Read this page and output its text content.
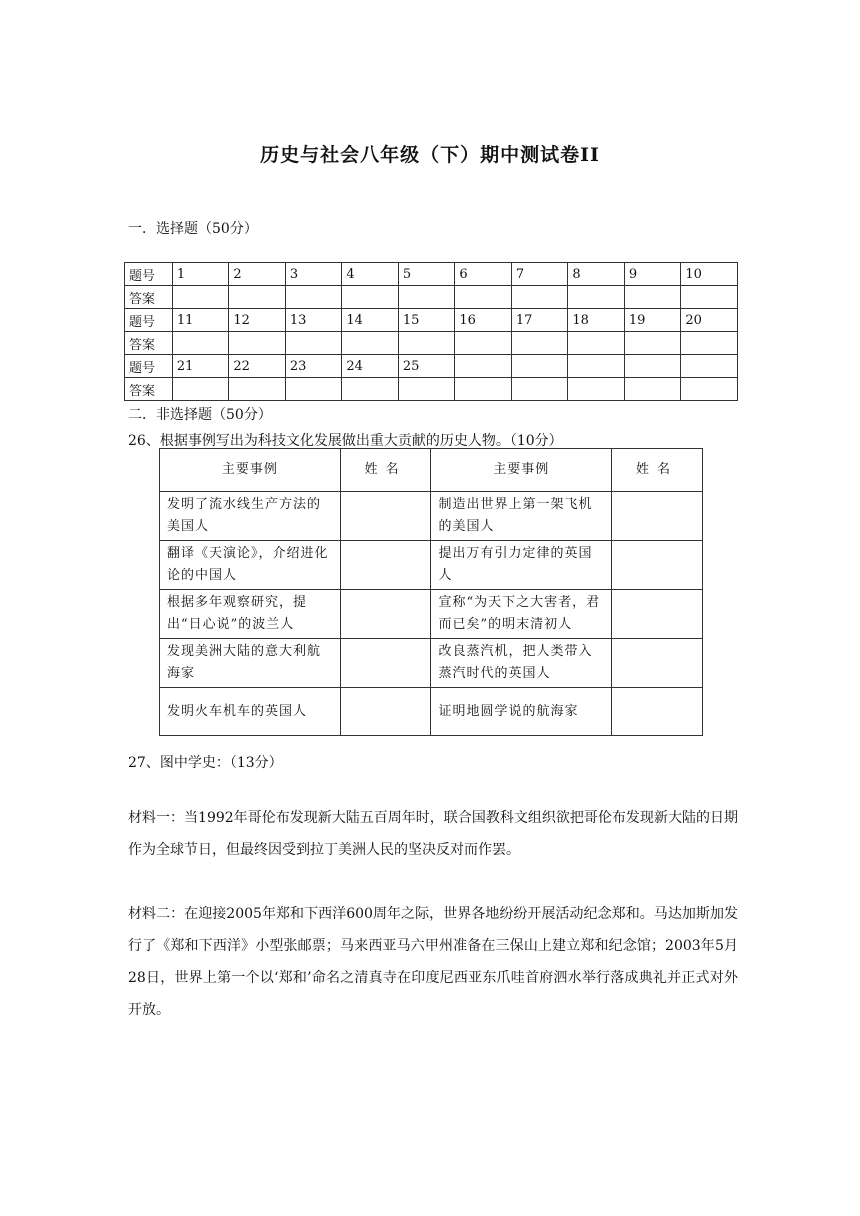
历史与社会八年级（下）期中测试卷II
一．选择题（50分）
题号	1	2	3	4	5	6	7	8	9	10
答案										
题号	11	12	13	14	15	16	17	18	19	20
答案										
题号	21	22	23	24	25					
答案										
二．非选择题（50分）
26、根据事例写出为科技文化发展做出重大贡献的历史人物。（10分）
主要事例	姓名	主要事例	姓名
发明了流水线生产方法的美国人		制造出世界上第一架飞机的美国人	
翻译《天演论》，介绍进化论的中国人		提出万有引力定律的英国人	
根据多年观察研究，提出“日心说”的波兰人		宣称“为天下之大害者，君而已矣”的明末清初人	
发现美洲大陆的意大利航海家		改良蒸汽机，把人类带入蒸汽时代的英国人	
发明火车机车的英国人		证明地圆学说的航海家	
27、图中学史：（13分）
材料一：当1992年哥伦布发现新大陆五百周年时，联合国教科文组织欲把哥伦布发现新大陆的日期作为全球节日，但最终因受到拉丁美洲人民的坚决反对而作罢。
材料二：在迎接2005年郑和下西洋600周年之际，世界各地纷纷开展活动纪念郑和。马达加斯加发行了《郑和下西洋》小型张邮票；马来西亚马六甲州准备在三保山上建立郑和纪念馆；2003年5月28日，世界上第一个以‘郑和’命名之清真寺在印度尼西亚东爪哇首府泗水举行落成典礼并正式对外开放。
